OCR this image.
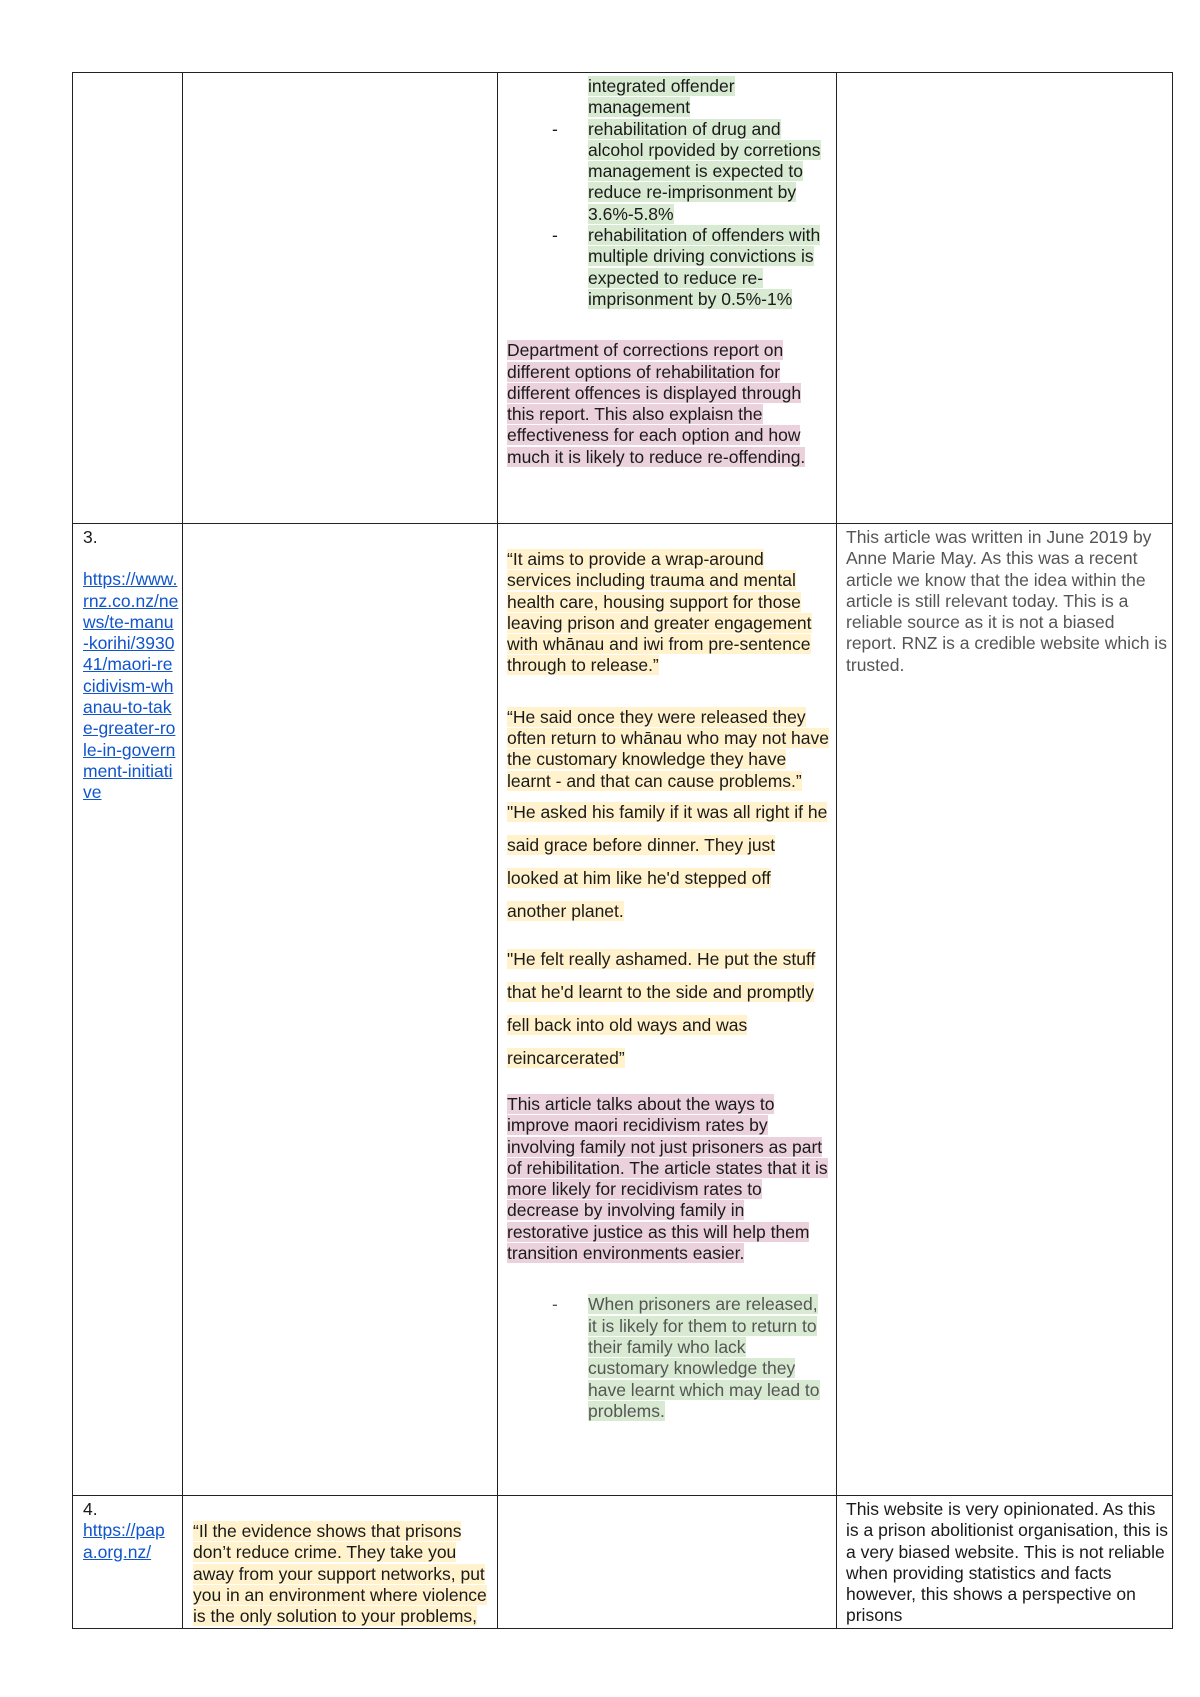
integrated offender management
- rehabilitation of drug and alcohol rpovided by corretions management is expected to reduce re-imprisonment by 3.6%-5.8%
- rehabilitation of offenders with multiple driving convictions is expected to reduce re-imprisonment by 0.5%-1%

Department of corrections report on different options of rehabilitation for different offences is displayed through this report. This also explaisn the effectiveness for each option and how much it is likely to reduce re-offending.

3.
https://www.rnz.co.nz/news/te-manu-korihi/393041/maori-recidivism-whanau-to-take-greater-role-in-government-initiative

“It aims to provide a wrap-around services including trauma and mental health care, housing support for those leaving prison and greater engagement with whānau and iwi from pre-sentence through to release.”

“He said once they were released they often return to whānau who may not have the customary knowledge they have learnt - and that can cause problems.”

"He asked his family if it was all right if he said grace before dinner. They just looked at him like he'd stepped off another planet.

"He felt really ashamed. He put the stuff that he'd learnt to the side and promptly fell back into old ways and was reincarcerated”

This article talks about the ways to improve maori recidivism rates by involving family not just prisoners as part of rehibilitation. The article states that it is more likely for recidivism rates to decrease by involving family in restorative justice as this will help them transition environments easier.

- When prisoners are released, it is likely for them to return to their family who lack customary knowledge they have learnt which may lead to problems.

This article was written in June 2019 by Anne Marie May. As this was a recent article we know that the idea within the article is still relevant today. This is a reliable source as it is not a biased report. RNZ is a credible website which is trusted.

4.
https://papa.org.nz/

“Il the evidence shows that prisons don’t reduce crime. They take you away from your support networks, put you in an environment where violence is the only solution to your problems,

This website is very opinionated. As this is a prison abolitionist organisation, this is a very biased website. This is not reliable when providing statistics and facts however, this shows a perspective on prisons
